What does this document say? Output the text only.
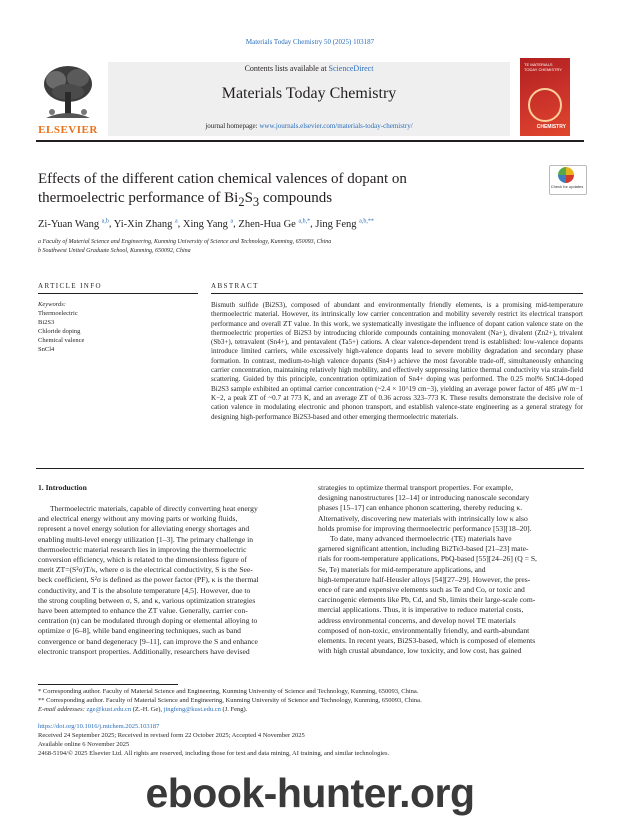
Materials Today Chemistry 50 (2025) 103187
ELSEVIER
Contents lists available at ScienceDirect
Materials Today Chemistry
journal homepage: www.journals.elsevier.com/materials-today-chemistry/
TE MATERIALS TODAY CHEMISTRY
CHEMISTRY
Effects of the different cation chemical valences of dopant on
thermoelectric performance of $Bi_2S_3$ compounds
Check for updates
Zi-Yuan Wang $^{a,b}$, Yi-Xin Zhang $^a$, Xing Yang $^a$, Zhen-Hua Ge $^{a,b,*}$, Jing Feng $^{a,b,**}$
a Faculty of Material Science and Engineering, Kunming University of Science and Technology, Kunming, 650093, China
b Southwest United Graduate School, Kunming, 650092, China
ARTICLE INFO	ABSTRACT
Keywords:
Thermoelectric
Bi2S3
Chloride doping
Chemical valence
SnCl4
Bismuth sulfide (Bi2S3), composed of abundant and environmentally friendly elements, is a promising mid-temperature thermoelectric material. However, its intrinsically low carrier concentration and mobility severely restrict its electrical transport performance and overall ZT value. In this work, we systematically investigate the influence of dopant cation valence state on the thermoelectric properties of Bi2S3 by introducing chloride compounds containing monovalent (Na+), divalent (Zn2+), trivalent (Sb3+), tetravalent (Sn4+), and pentavalent (Ta5+) cations. A clear valence-dependent trend is established: low-valence dopants introduce limited carriers, while excessively high-valence dopants lead to severe mobility degradation and secondary phase formation. In contrast, medium-to-high valence dopants (Sn4+) achieve the most favorable trade-off, simultaneously enhancing carrier concentration, maintaining relatively high mobility, and effectively suppressing lattice thermal conductivity via strain-field scattering. Guided by this principle, concentration optimization of Sn4+ doping was performed. The 0.25 mol% SnCl4-doped Bi2S3 sample exhibited an optimal carrier concentration (~2.4 × 10^19 cm−3), yielding an average power factor of 485 μW m−1 K−2, a peak ZT of ~0.7 at 773 K, and an average ZT of 0.36 across 323–773 K. These results demonstrate the decisive role of cation valence in modulating electronic and phonon transport, and establish valence-state engineering as a general strategy for designing high-performance Bi2S3-based and other emerging thermoelectric materials.
1. Introduction
Thermoelectric materials, capable of directly converting heat energy
and electrical energy without any moving parts or working fluids,
represent a novel energy solution for alleviating energy shortages and
enabling multi-level energy utilization [1–3]. The primary challenge in
thermoelectric material research lies in improving the thermoelectric
conversion efficiency, which is related to the dimensionless figure of
merit ZT=(S²σ)T/κ, where σ is the electrical conductivity, S is the See-
beck coefficient, S²σ is defined as the power factor (PF), κ is the thermal
conductivity, and T is the absolute temperature [4,5]. However, due to
the strong coupling between σ, S, and κ, various optimization strategies
have been attempted to enhance the ZT value. Generally, carrier con-
centration (n) can be modulated through doping or elemental alloying to
optimize σ [6–8], while band engineering techniques, such as band
convergence or band degeneracy [9–11], can improve the S and enhance
electronic transport properties. Additionally, researchers have devised
strategies to optimize thermal transport properties. For example,
designing nanostructures [12–14] or introducing nanoscale secondary
phases [15–17] can enhance phonon scattering, thereby reducing κ.
Alternatively, discovering new materials with intrinsically low κ also
holds promise for improving thermoelectric performance [53][18–20].
To date, many advanced thermoelectric (TE) materials have
garnered significant attention, including Bi2Te3-based [21–23] mate-
rials for room-temperature applications, PbQ-based [55][24–26] (Q = S,
Se, Te) materials for mid-temperature applications, and
high-temperature half-Heusler alloys [54][27–29]. However, the pres-
ence of rare and expensive elements such as Te and Co, or toxic and
carcinogenic elements like Pb, Cd, and Sb, limits their large-scale com-
mercial applications. Thus, it is imperative to reduce material costs,
address environmental concerns, and develop novel TE materials
composed of non-toxic, environmentally friendly, and earth-abundant
elements. In recent years, Bi2S3-based, which is composed of elements
with high crustal abundance, low toxicity, and low cost, has gained
* Corresponding author. Faculty of Material Science and Engineering, Kunming University of Science and Technology, Kunming, 650093, China.
** Corresponding author. Faculty of Material Science and Engineering, Kunming University of Science and Technology, Kunming, 650093, China.
E-mail addresses: zge@kust.edu.cn (Z.-H. Ge), jingfeng@kust.edu.cn (J. Feng).
https://doi.org/10.1016/j.mtchem.2025.103187
Received 24 September 2025; Received in revised form 22 October 2025; Accepted 4 November 2025
Available online 6 November 2025
2468-5194/© 2025 Elsevier Ltd. All rights are reserved, including those for text and data mining, AI training, and similar technologies.
ebook-hunter.org
